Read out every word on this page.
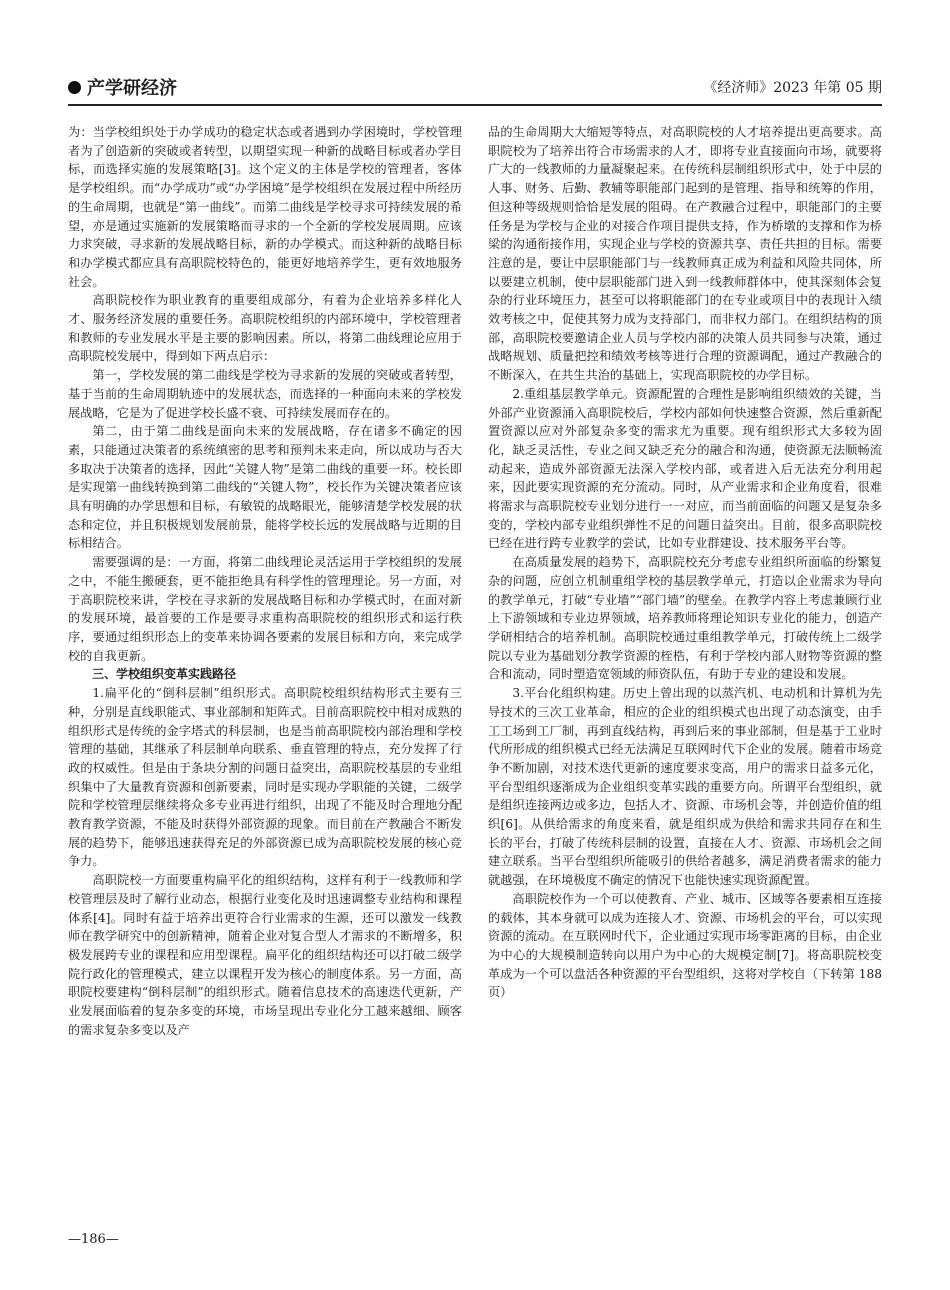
产学研经济	《经济师》2023 年第 05 期

为：当学校组织处于办学成功的稳定状态或者遇到办学困境时，学校管理者为了创造新的突破或者转型，以期望实现一种新的战略目标或者办学目标，而选择实施的发展策略[3]。这个定义的主体是学校的管理者，客体是学校组织。而“办学成功”或“办学困境”是学校组织在发展过程中所经历的生命周期，也就是“第一曲线”。而第二曲线是学校寻求可持续发展的希望，亦是通过实施新的发展策略而寻求的一个全新的学校发展周期。应该力求突破，寻求新的发展战略目标，新的办学模式。而这种新的战略目标和办学模式都应具有高职院校特色的，能更好地培养学生，更有效地服务社会。

高职院校作为职业教育的重要组成部分，有着为企业培养多样化人才、服务经济发展的重要任务。高职院校组织的内部环境中，学校管理者和教师的专业发展水平是主要的影响因素。所以，将第二曲线理论应用于高职院校发展中，得到如下两点启示：

第一，学校发展的第二曲线是学校为寻求新的发展的突破或者转型，基于当前的生命周期轨迹中的发展状态，而选择的一种面向未来的学校发展战略，它是为了促进学校长盛不衰、可持续发展而存在的。

第二，由于第二曲线是面向未来的发展战略，存在诸多不确定的因素，只能通过决策者的系统缜密的思考和预判未来走向，所以成功与否大多取决于决策者的选择，因此“关键人物”是第二曲线的重要一环。校长即是实现第一曲线转换到第二曲线的“关键人物”，校长作为关键决策者应该具有明确的办学思想和目标，有敏锐的战略眼光，能够清楚学校发展的状态和定位，并且积极规划发展前景，能将学校长远的发展战略与近期的目标相结合。

需要强调的是：一方面，将第二曲线理论灵活运用于学校组织的发展之中，不能生搬硬套，更不能拒绝具有科学性的管理理论。另一方面，对于高职院校来讲，学校在寻求新的发展战略目标和办学模式时，在面对新的发展环境，最首要的工作是要寻求重构高职院校的组织形式和运行秩序，要通过组织形态上的变革来协调各要素的发展目标和方向，来完成学校的自我更新。

三、学校组织变革实践路径

1.扁平化的“倒科层制”组织形式。高职院校组织结构形式主要有三种，分别是直线职能式、事业部制和矩阵式。目前高职院校中相对成熟的组织形式是传统的金字塔式的科层制，也是当前高职院校内部治理和学校管理的基础，其继承了科层制单向联系、垂直管理的特点，充分发挥了行政的权威性。但是由于条块分割的问题日益突出，高职院校基层的专业组织集中了大量教育资源和创新要素，同时是实现办学职能的关键，二级学院和学校管理层继续将众多专业再进行组织，出现了不能及时合理地分配教育教学资源，不能及时获得外部资源的现象。而目前在产教融合不断发展的趋势下，能够迅速获得充足的外部资源已成为高职院校发展的核心竞争力。

高职院校一方面要重构扁平化的组织结构，这样有利于一线教师和学校管理层及时了解行业动态，根据行业变化及时迅速调整专业结构和课程体系[4]。同时有益于培养出更符合行业需求的生源，还可以激发一线教师在教学研究中的创新精神，随着企业对复合型人才需求的不断增多，积极发展跨专业的课程和应用型课程。扁平化的组织结构还可以打破二级学院行政化的管理模式，建立以课程开发为核心的制度体系。另一方面，高职院校要建构“倒科层制”的组织形式。随着信息技术的高速迭代更新，产业发展面临着的复杂多变的环境，市场呈现出专业化分工越来越细、顾客的需求复杂多变以及产

品的生命周期大大缩短等特点，对高职院校的人才培养提出更高要求。高职院校为了培养出符合市场需求的人才，即将专业直接面向市场，就要将广大的一线教师的力量凝聚起来。在传统科层制组织形式中，处于中层的人事、财务、后勤、教辅等职能部门起到的是管理、指导和统筹的作用，但这种等级规则恰恰是发展的阻碍。在产教融合过程中，职能部门的主要任务是为学校与企业的对接合作项目提供支持，作为桥墩的支撑和作为桥梁的沟通衔接作用，实现企业与学校的资源共享、责任共担的目标。需要注意的是，要让中层职能部门与一线教师真正成为利益和风险共同体，所以要建立机制，使中层职能部门进入到一线教师群体中，使其深刻体会复杂的行业环境压力，甚至可以将职能部门的在专业或项目中的表现计入绩效考核之中，促使其努力成为支持部门，而非权力部门。在组织结构的顶部，高职院校要邀请企业人员与学校内部的决策人员共同参与决策，通过战略规划、质量把控和绩效考核等进行合理的资源调配，通过产教融合的不断深入，在共生共治的基础上，实现高职院校的办学目标。

2.重组基层教学单元。资源配置的合理性是影响组织绩效的关键，当外部产业资源涌入高职院校后，学校内部如何快速整合资源，然后重新配置资源以应对外部复杂多变的需求尤为重要。现有组织形式大多较为固化，缺乏灵活性，专业之间又缺乏充分的融合和沟通，使资源无法顺畅流动起来，造成外部资源无法深入学校内部，或者进入后无法充分利用起来，因此要实现资源的充分流动。同时，从产业需求和企业角度看，很难将需求与高职院校专业划分进行一一对应，而当前面临的问题又是复杂多变的，学校内部专业组织弹性不足的问题日益突出。目前，很多高职院校已经在进行跨专业教学的尝试，比如专业群建设、技术服务平台等。

在高质量发展的趋势下，高职院校充分考虑专业组织所面临的纷繁复杂的问题，应创立机制重组学校的基层教学单元，打造以企业需求为导向的教学单元，打破“专业墙”“部门墙”的壁垒。在教学内容上考虑兼顾行业上下游领域和专业边界领域，培养教师将理论知识专业化的能力，创造产学研相结合的培养机制。高职院校通过重组教学单元，打破传统上二级学院以专业为基础划分教学资源的桎梏，有利于学校内部人财物等资源的整合和流动，同时塑造宽领域的师资队伍，有助于专业的建设和发展。

3.平台化组织构建。历史上曾出现的以蒸汽机、电动机和计算机为先导技术的三次工业革命，相应的企业的组织模式也出现了动态演变，由手工工场到工厂制，再到直线结构，再到后来的事业部制，但是基于工业时代所形成的组织模式已经无法满足互联网时代下企业的发展。随着市场竞争不断加剧，对技术迭代更新的速度要求变高，用户的需求日益多元化，平台型组织逐渐成为企业组织变革实践的重要方向。所谓平台型组织，就是组织连接两边或多边，包括人才、资源、市场机会等，并创造价值的组织[6]。从供给需求的角度来看，就是组织成为供给和需求共同存在和生长的平台，打破了传统科层制的设置，直接在人才、资源、市场机会之间建立联系。当平台型组织所能吸引的供给者越多，满足消费者需求的能力就越强，在环境极度不确定的情况下也能快速实现资源配置。

高职院校作为一个可以使教育、产业、城市、区域等各要素相互连接的载体，其本身就可以成为连接人才、资源、市场机会的平台，可以实现资源的流动。在互联网时代下，企业通过实现市场零距离的目标，由企业为中心的大规模制造转向以用户为中心的大规模定制[7]。将高职院校变革成为一个可以盘活各种资源的平台型组织，这将对学校自（下转第 188 页）

—186—
